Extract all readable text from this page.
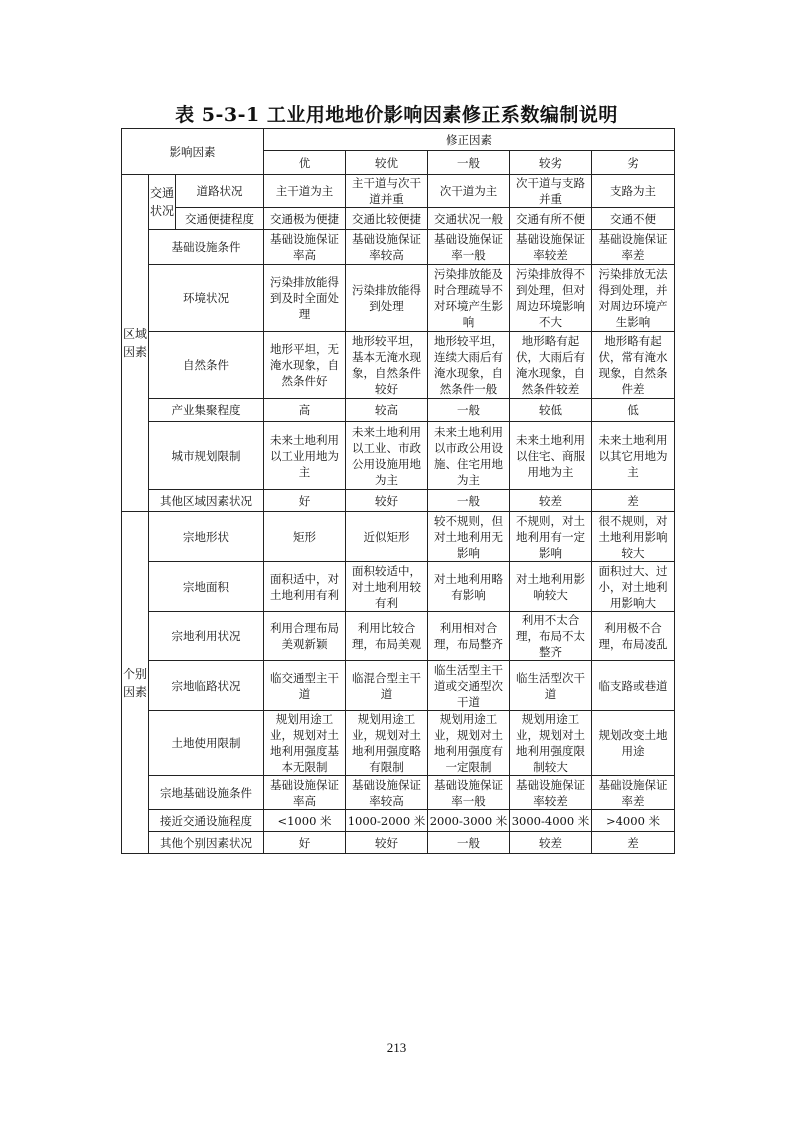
表 5-3-1 工业用地地价影响因素修正系数编制说明
影响因素			修正因素				
			优	较优	一般	较劣	劣
区域因素	交通状况	道路状况	主干道为主	主干道与次干道并重	次干道为主	次干道与支路并重	支路为主
		交通便捷程度	交通极为便捷	交通比较便捷	交通状况一般	交通有所不便	交通不便
	基础设施条件		基础设施保证率高	基础设施保证率较高	基础设施保证率一般	基础设施保证率较差	基础设施保证率差
	环境状况		污染排放能得到及时全面处理	污染排放能得到处理	污染排放能及时合理疏导不对环境产生影响	污染排放得不到处理，但对周边环境影响不大	污染排放无法得到处理，并对周边环境产生影响
	自然条件		地形平坦，无淹水现象，自然条件好	地形较平坦，基本无淹水现象，自然条件较好	地形较平坦，连续大雨后有淹水现象，自然条件一般	地形略有起伏，大雨后有淹水现象，自然条件较差	地形略有起伏，常有淹水现象，自然条件差
	产业集聚程度		高	较高	一般	较低	低
	城市规划限制		未来土地利用以工业用地为主	未来土地利用以工业、市政公用设施用地为主	未来土地利用以市政公用设施、住宅用地为主	未来土地利用以住宅、商服用地为主	未来土地利用以其它用地为主
	其他区域因素状况		好	较好	一般	较差	差
个别因素	宗地形状		矩形	近似矩形	较不规则，但对土地利用无影响	不规则，对土地利用有一定影响	很不规则，对土地利用影响较大
	宗地面积		面积适中，对土地利用有利	面积较适中，对土地利用较有利	对土地利用略有影响	对土地利用影响较大	面积过大、过小，对土地利用影响大
	宗地利用状况		利用合理布局美观新颖	利用比较合理，布局美观	利用相对合理，布局整齐	利用不太合理，布局不太整齐	利用极不合理，布局凌乱
	宗地临路状况		临交通型主干道	临混合型主干道	临生活型主干道或交通型次干道	临生活型次干道	临支路或巷道
	土地使用限制		规划用途工业，规划对土地利用强度基本无限制	规划用途工业，规划对土地利用强度略有限制	规划用途工业，规划对土地利用强度有一定限制	规划用途工业，规划对土地利用强度限制较大	规划改变土地用途
	宗地基础设施条件		基础设施保证率高	基础设施保证率较高	基础设施保证率一般	基础设施保证率较差	基础设施保证率差
	接近交通设施程度		<1000 米	1000-2000 米	2000-3000 米	3000-4000 米	>4000 米
	其他个别因素状况		好	较好	一般	较差	差
213
